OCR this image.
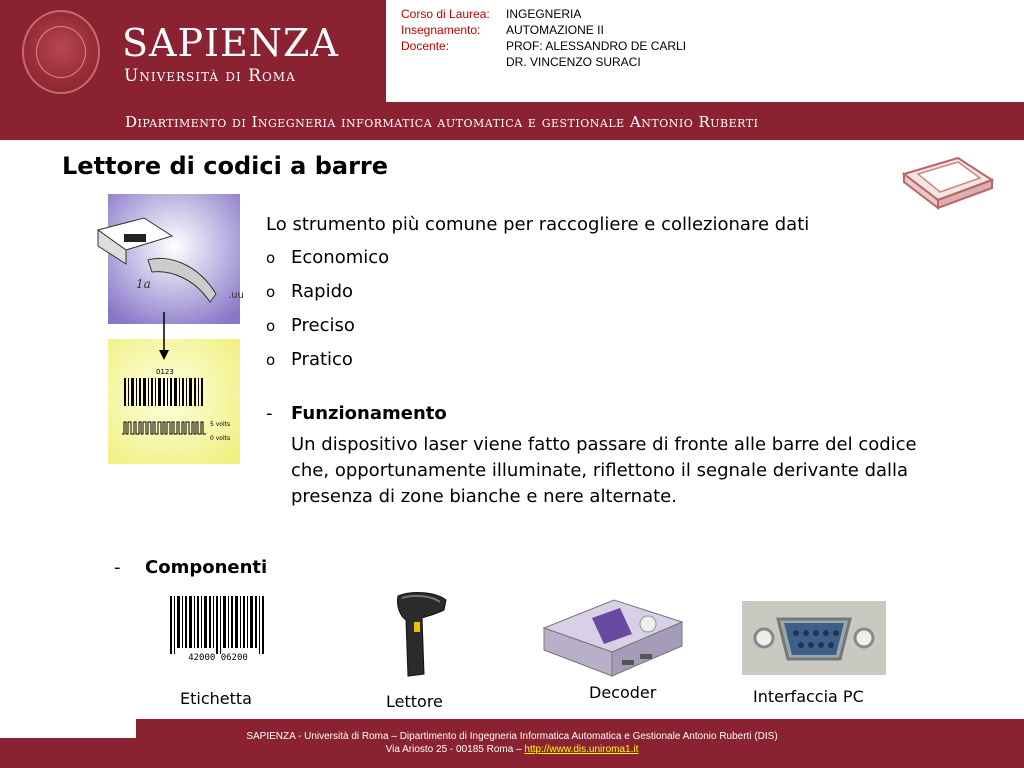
SAPIENZA
Università di Roma
Corso di Laurea:	INGEGNERIA
Insegnamento:	AUTOMAZIONE II
Docente:	PROF: ALESSANDRO DE CARLI
DR. VINCENZO SURACI
Dipartimento di Ingegneria informatica automatica e gestionale Antonio Ruberti
Lettore di codici a barre
1a
.uu
0123
5 volts
0 volts
Lo strumento più comune per raccogliere e collezionare dati
o Economico
o Rapido
o Preciso
o Pratico
-	Funzionamento
Un dispositivo laser viene fatto passare di fronte alle barre del codice che, opportunamente illuminate, riflettono il segnale derivante dalla presenza di zone bianche e nere alternate.
-	Componenti
42000 06200
Etichetta	Lettore	Decoder	Interfaccia PC
SAPIENZA - Università di Roma – Dipartimento di Ingegneria Informatica Automatica e Gestionale Antonio Ruberti (DIS)
Via Ariosto 25 - 00185 Roma – http://www.dis.uniroma1.it
